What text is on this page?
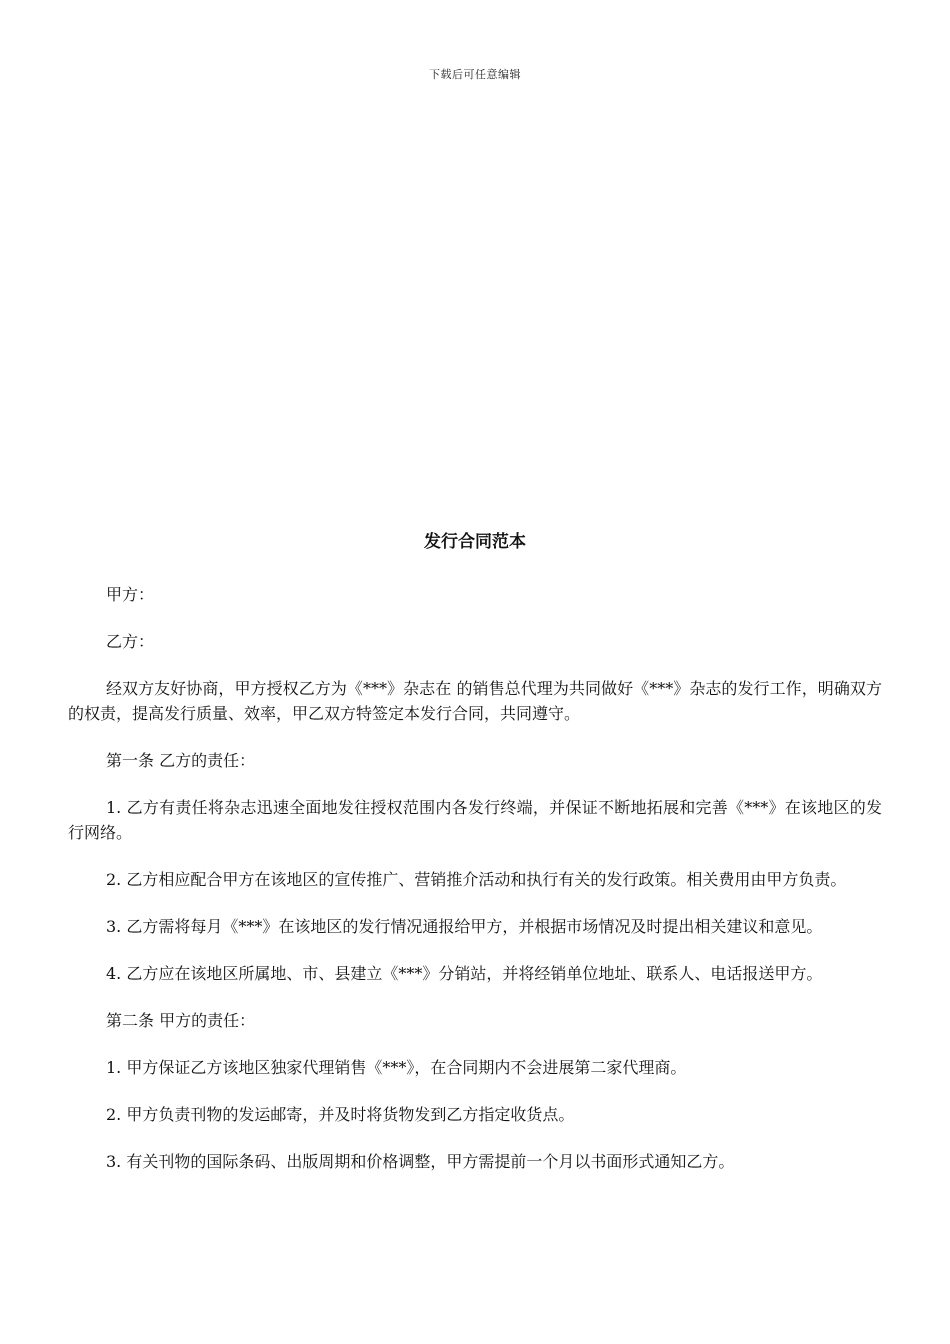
下载后可任意编辑
发行合同范本

甲方：

乙方：

经双方友好协商，甲方授权乙方为《***》杂志在 的销售总代理为共同做好《***》杂志的发行工作，明确双方的权责，提高发行质量、效率，甲乙双方特签定本发行合同，共同遵守。

第一条 乙方的责任：

1. 乙方有责任将杂志迅速全面地发往授权范围内各发行终端，并保证不断地拓展和完善《***》在该地区的发行网络。

2. 乙方相应配合甲方在该地区的宣传推广、营销推介活动和执行有关的发行政策。相关费用由甲方负责。

3. 乙方需将每月《***》在该地区的发行情况通报给甲方，并根据市场情况及时提出相关建议和意见。

4. 乙方应在该地区所属地、市、县建立《***》分销站，并将经销单位地址、联系人、电话报送甲方。

第二条 甲方的责任：

1. 甲方保证乙方该地区独家代理销售《***》，在合同期内不会进展第二家代理商。

2. 甲方负责刊物的发运邮寄，并及时将货物发到乙方指定收货点。

3. 有关刊物的国际条码、出版周期和价格调整，甲方需提前一个月以书面形式通知乙方。
